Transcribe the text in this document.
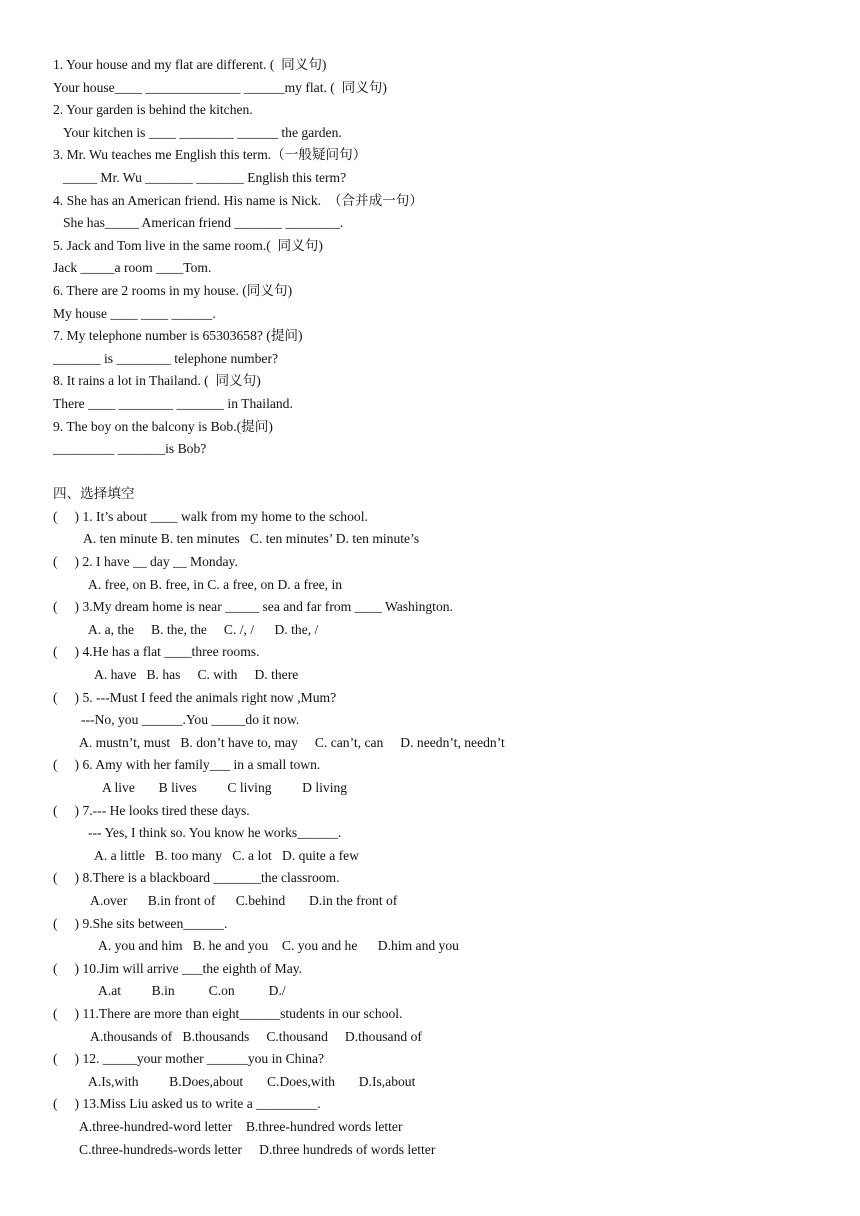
1. Your house and my flat are different. (  同义句)
Your house____ ______________ ______my flat. (  同义句)
2. Your garden is behind the kitchen.
Your kitchen is ____ ________ ______ the garden.
3. Mr. Wu teaches me English this term.（一般疑问句）
_____ Mr. Wu _______ _______ English this term?
4. She has an American friend. His name is Nick.  （合并成一句）
She has_____ American friend _______ ________.
5. Jack and Tom live in the same room.(  同义句)
Jack _____a room ____Tom.
6. There are 2 rooms in my house. (同义句)
My house ____ ____ ______.
7. My telephone number is 65303658? (提问)
_______ is ________ telephone number?
8. It rains a lot in Thailand. (  同义句)
There ____ ________ _______ in Thailand.
9. The boy on the balcony is Bob.(提问)
_________ _______is Bob?
四、选择填空
(     ) 1. It’s about ____ walk from my home to the school.
A. ten minute B. ten minutes   C. ten minutes’ D. ten minute’s
(     ) 2. I have __ day __ Monday.
A. free, on B. free, in C. a free, on D. a free, in
(     ) 3.My dream home is near _____ sea and far from ____ Washington.
A. a, the     B. the, the     C. /, /      D. the, /
(     ) 4.He has a flat ____three rooms.
A. have   B. has     C. with     D. there
(     ) 5. ---Must I feed the animals right now ,Mum?
---No, you ______.You _____do it now.
A. mustn’t, must   B. don’t have to, may     C. can’t, can     D. needn’t, needn’t
(     ) 6. Amy with her family___ in a small town.
A live       B lives         C living         D living
(     ) 7.--- He looks tired these days.
--- Yes, I think so. You know he works______.
A. a little   B. too many   C. a lot   D. quite a few
(     ) 8.There is a blackboard _______the classroom.
A.over      B.in front of      C.behind       D.in the front of
(     ) 9.She sits between______.
A. you and him   B. he and you    C. you and he      D.him and you
(     ) 10.Jim will arrive ___the eighth of May.
A.at         B.in          C.on          D./
(     ) 11.There are more than eight______students in our school.
A.thousands of   B.thousands     C.thousand     D.thousand of
(     ) 12. _____your mother ______you in China?
A.Is,with         B.Does,about       C.Does,with       D.Is,about
(     ) 13.Miss Liu asked us to write a _________.
A.three-hundred-word letter    B.three-hundred words letter
C.three-hundreds-words letter     D.three hundreds of words letter
